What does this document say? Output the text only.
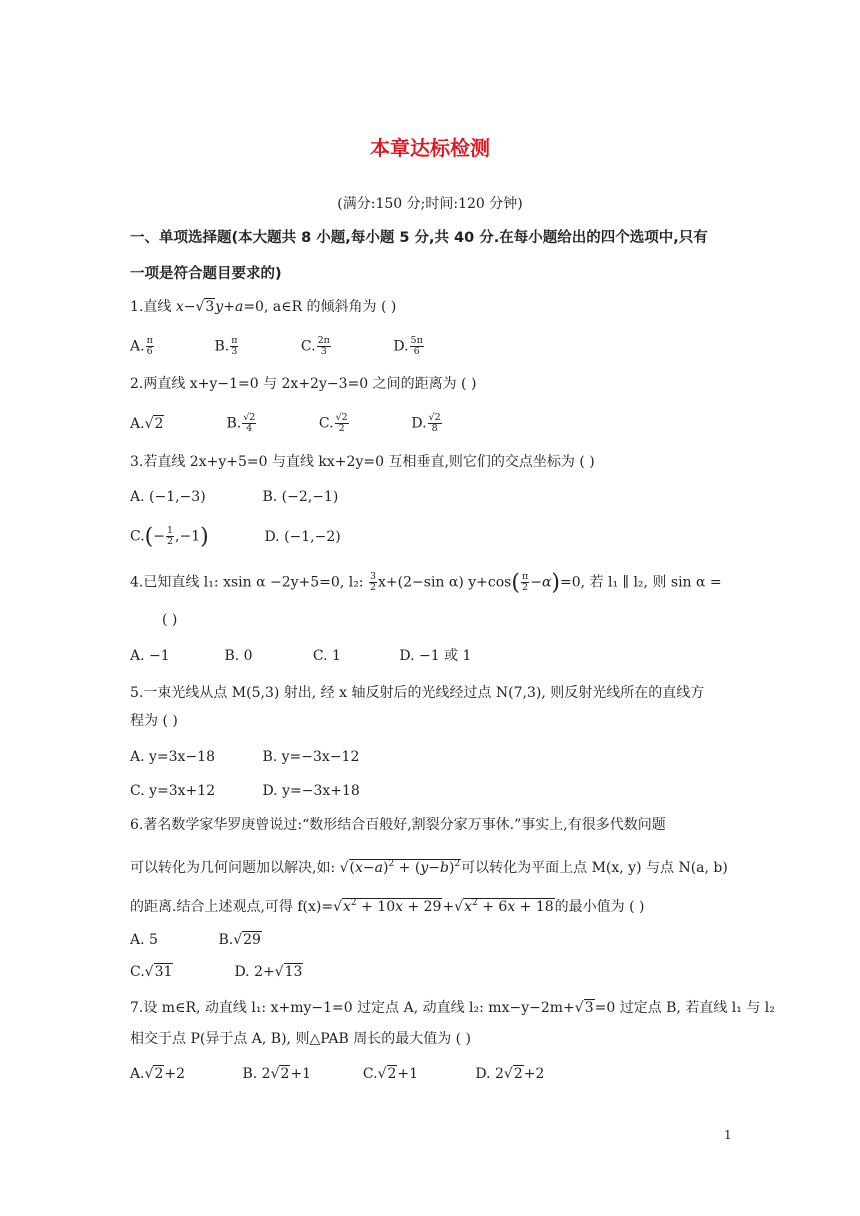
本章达标检测
(满分:150 分;时间:120 分钟)
一、单项选择题(本大题共 8 小题,每小题 5 分,共 40 分.在每小题给出的四个选项中,只有
一项是符合题目要求的)
1.直线 x−√3y+a=0, a∈R 的倾斜角为 ( )
A. $\frac{\pi}{6}$	B. $\frac{\pi}{3}$	C. $\frac{2\pi}{3}$	D. $\frac{5\pi}{6}$
2.两直线 x+y−1=0 与 2x+2y−3=0 之间的距离为 ( )
A.√2	B. $\frac{√2}{4}$	C. $\frac{√2}{2}$	D. $\frac{√2}{8}$
3.若直线 2x+y+5=0 与直线 kx+2y=0 互相垂直,则它们的交点坐标为 ( )
A. (−1,−3)	B. (−2,−1)
$C.(- \frac{1}{2} ,-1)$	D. (−1,−2)
4.已知直线 l₁: xsin α −2y+5=0, l₂: $\frac{3}{2} x+(2-\sin$ α) $y+\cos( \frac{\pi}{2} -\alpha)=0$, 若 l₁ ∥ l₂, 则 sin α =
( )
A. −1	B. 0	C. 1	D. −1 或 1
5.一束光线从点 M(5,3) 射出, 经 x 轴反射后的光线经过点 N(7,3), 则反射光线所在的直线方
程为 ( )
A. y=3x−18	B. y=−3x−12
C. y=3x+12	D. y=−3x+18
6.著名数学家华罗庚曾说过:“数形结合百般好,割裂分家万事休.”事实上,有很多代数问题
可以转化为几何问题加以解决,如: $√(x-a)^2 + (y-b)^2$可以转化为平面上点 M(x, y) 与点 N(a, b)
的距离.结合上述观点,可得 $f(x)=√x^2 + 10x + 29+√x^2 + 6x + 18$的最小值为 ( )
A. 5	B.√29
C.√31	D. 2+√13
7.设 m∈R, 动直线 l₁: x+my−1=0 过定点 A, 动直线 l₂: mx−y−2m+√3=0 过定点 B, 若直线 l₁ 与 l₂
相交于点 P(异于点 A, B), 则△PAB 周长的最大值为 ( )
A.√2+2	B. 2√2+1	C.√2+1	D. 2√2+2
1
